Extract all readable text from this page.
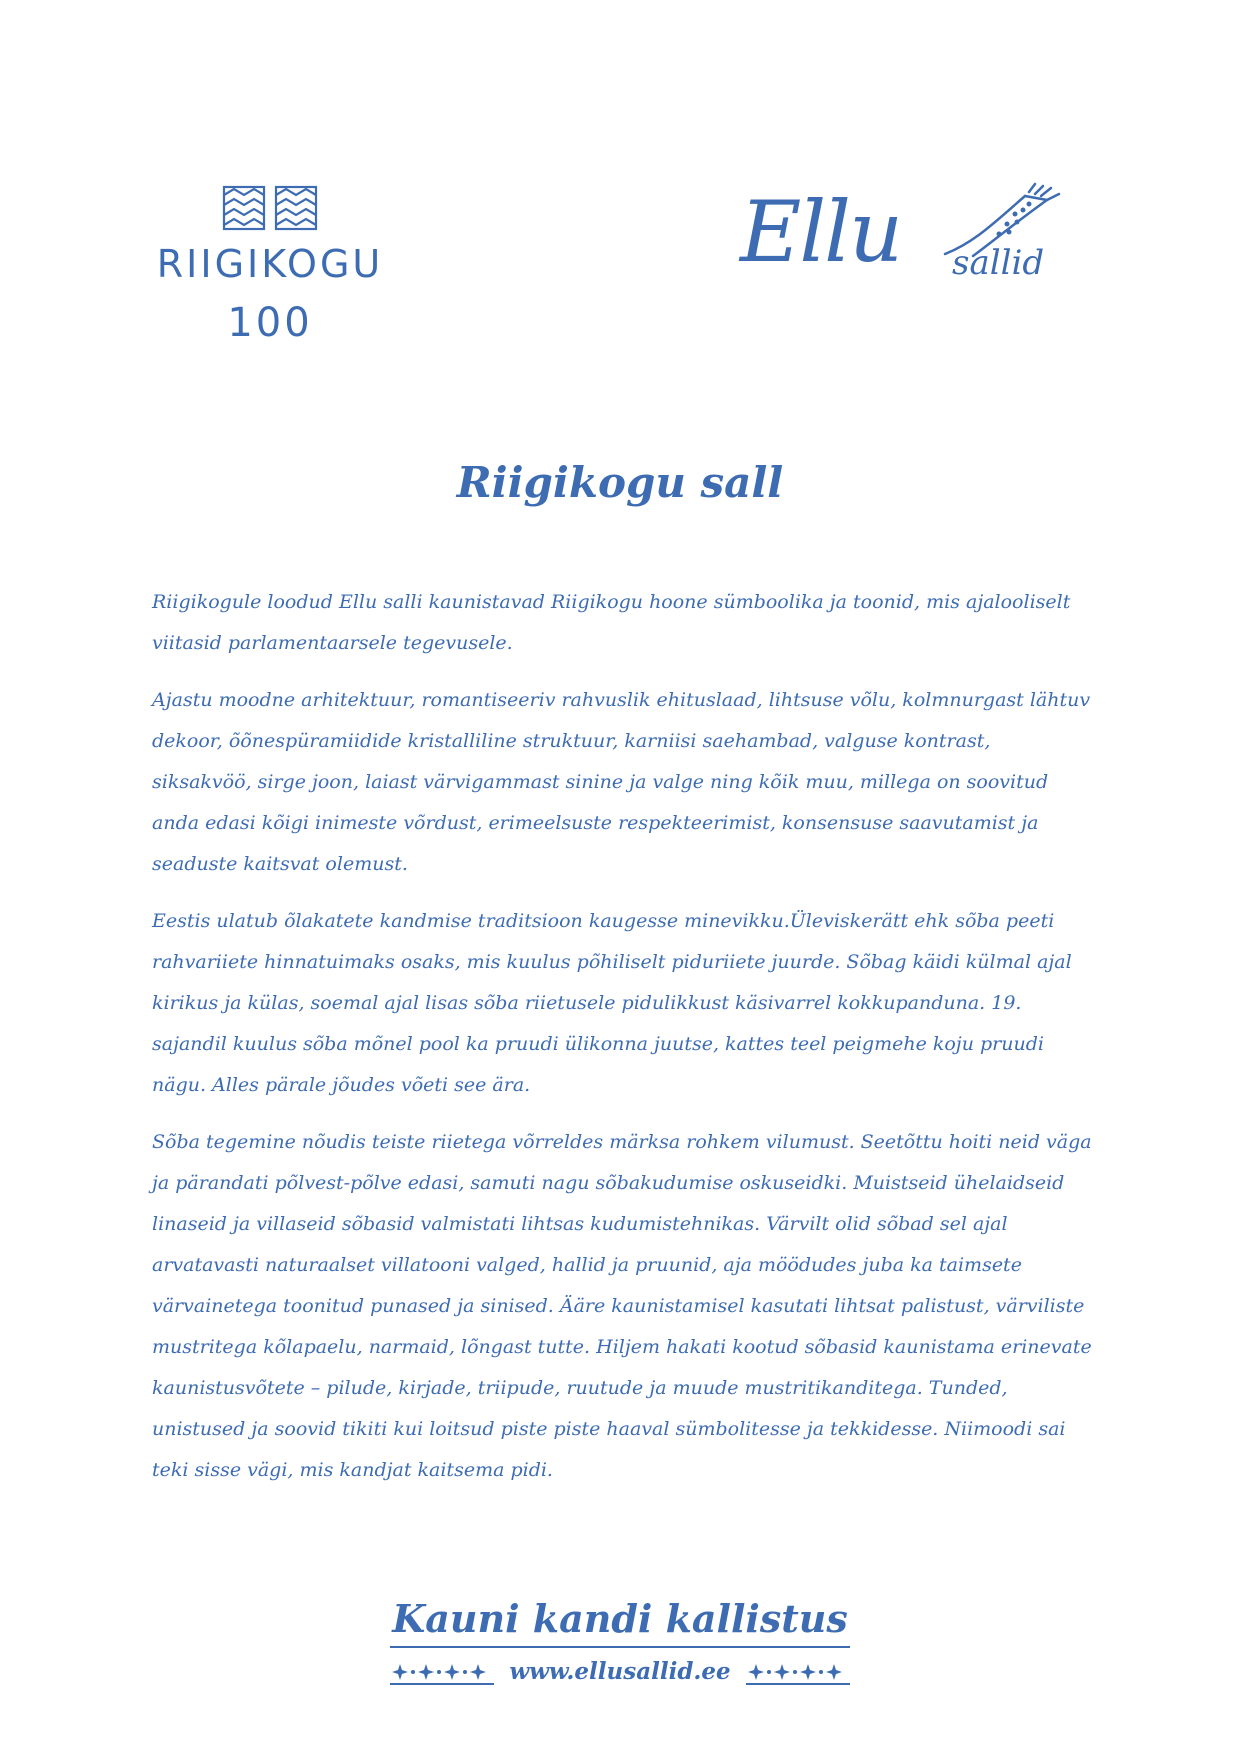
RIIGIKOGU
100
Ellu sallid
Riigikogu sall

Riigikogule loodud Ellu salli kaunistavad Riigikogu hoone sümboolika ja toonid, mis ajalooliselt viitasid parlamentaarsele tegevusele.

Ajastu moodne arhitektuur, romantiseeriv rahvuslik ehituslaad, lihtsuse võlu, kolmnurgast lähtuv dekoor, õõnespüramiidide kristalliline struktuur, karniisi saehambad, valguse kontrast, siksakvöö, sirge joon, laiast värvigammast sinine ja valge ning kõik muu, millega on soovitud anda edasi kõigi inimeste võrdust, erimeelsuste respekteerimist, konsensuse saavutamist ja seaduste kaitsvat olemust.

Eestis ulatub õlakatete kandmise traditsioon kaugesse minevikku.Üleviskerätt ehk sõba peeti rahvariiete hinnatuimaks osaks, mis kuulus põhiliselt piduriiete juurde. Sõbag käidi külmal ajal kirikus ja külas, soemal ajal lisas sõba riietusele pidulikkust käsivarrel kokkupanduna. 19. sajandil kuulus sõba mõnel pool ka pruudi ülikonna juutse, kattes teel peigmehe koju pruudi nägu. Alles pärale jõudes võeti see ära.

Sõba tegemine nõudis teiste riietega võrreldes märksa rohkem vilumust. Seetõttu hoiti neid väga ja pärandati põlvest-põlve edasi, samuti nagu sõbakudumise oskuseidki. Muistseid ühelaidseid linaseid ja villaseid sõbasid valmistati lihtsas kudumistehnikas. Värvilt olid sõbad sel ajal arvatavasti naturaalset villatooni valged, hallid ja pruunid, aja möödudes juba ka taimsete värvainetega toonitud punased ja sinised. Ääre kaunistamisel kasutati lihtsat palistust, värviliste mustritega kõlapaelu, narmaid, lõngast tutte. Hiljem hakati kootud sõbasid kaunistama erinevate kaunistusvõtete – pilude, kirjade, triipude, ruutude ja muude mustritikanditega. Tunded, unistused ja soovid tikiti kui loitsud piste piste haaval sümbolitesse ja tekkidesse. Niimoodi sai teki sisse vägi, mis kandjat kaitsema pidi.

Kauni kandi kallistus
www.ellusallid.ee
